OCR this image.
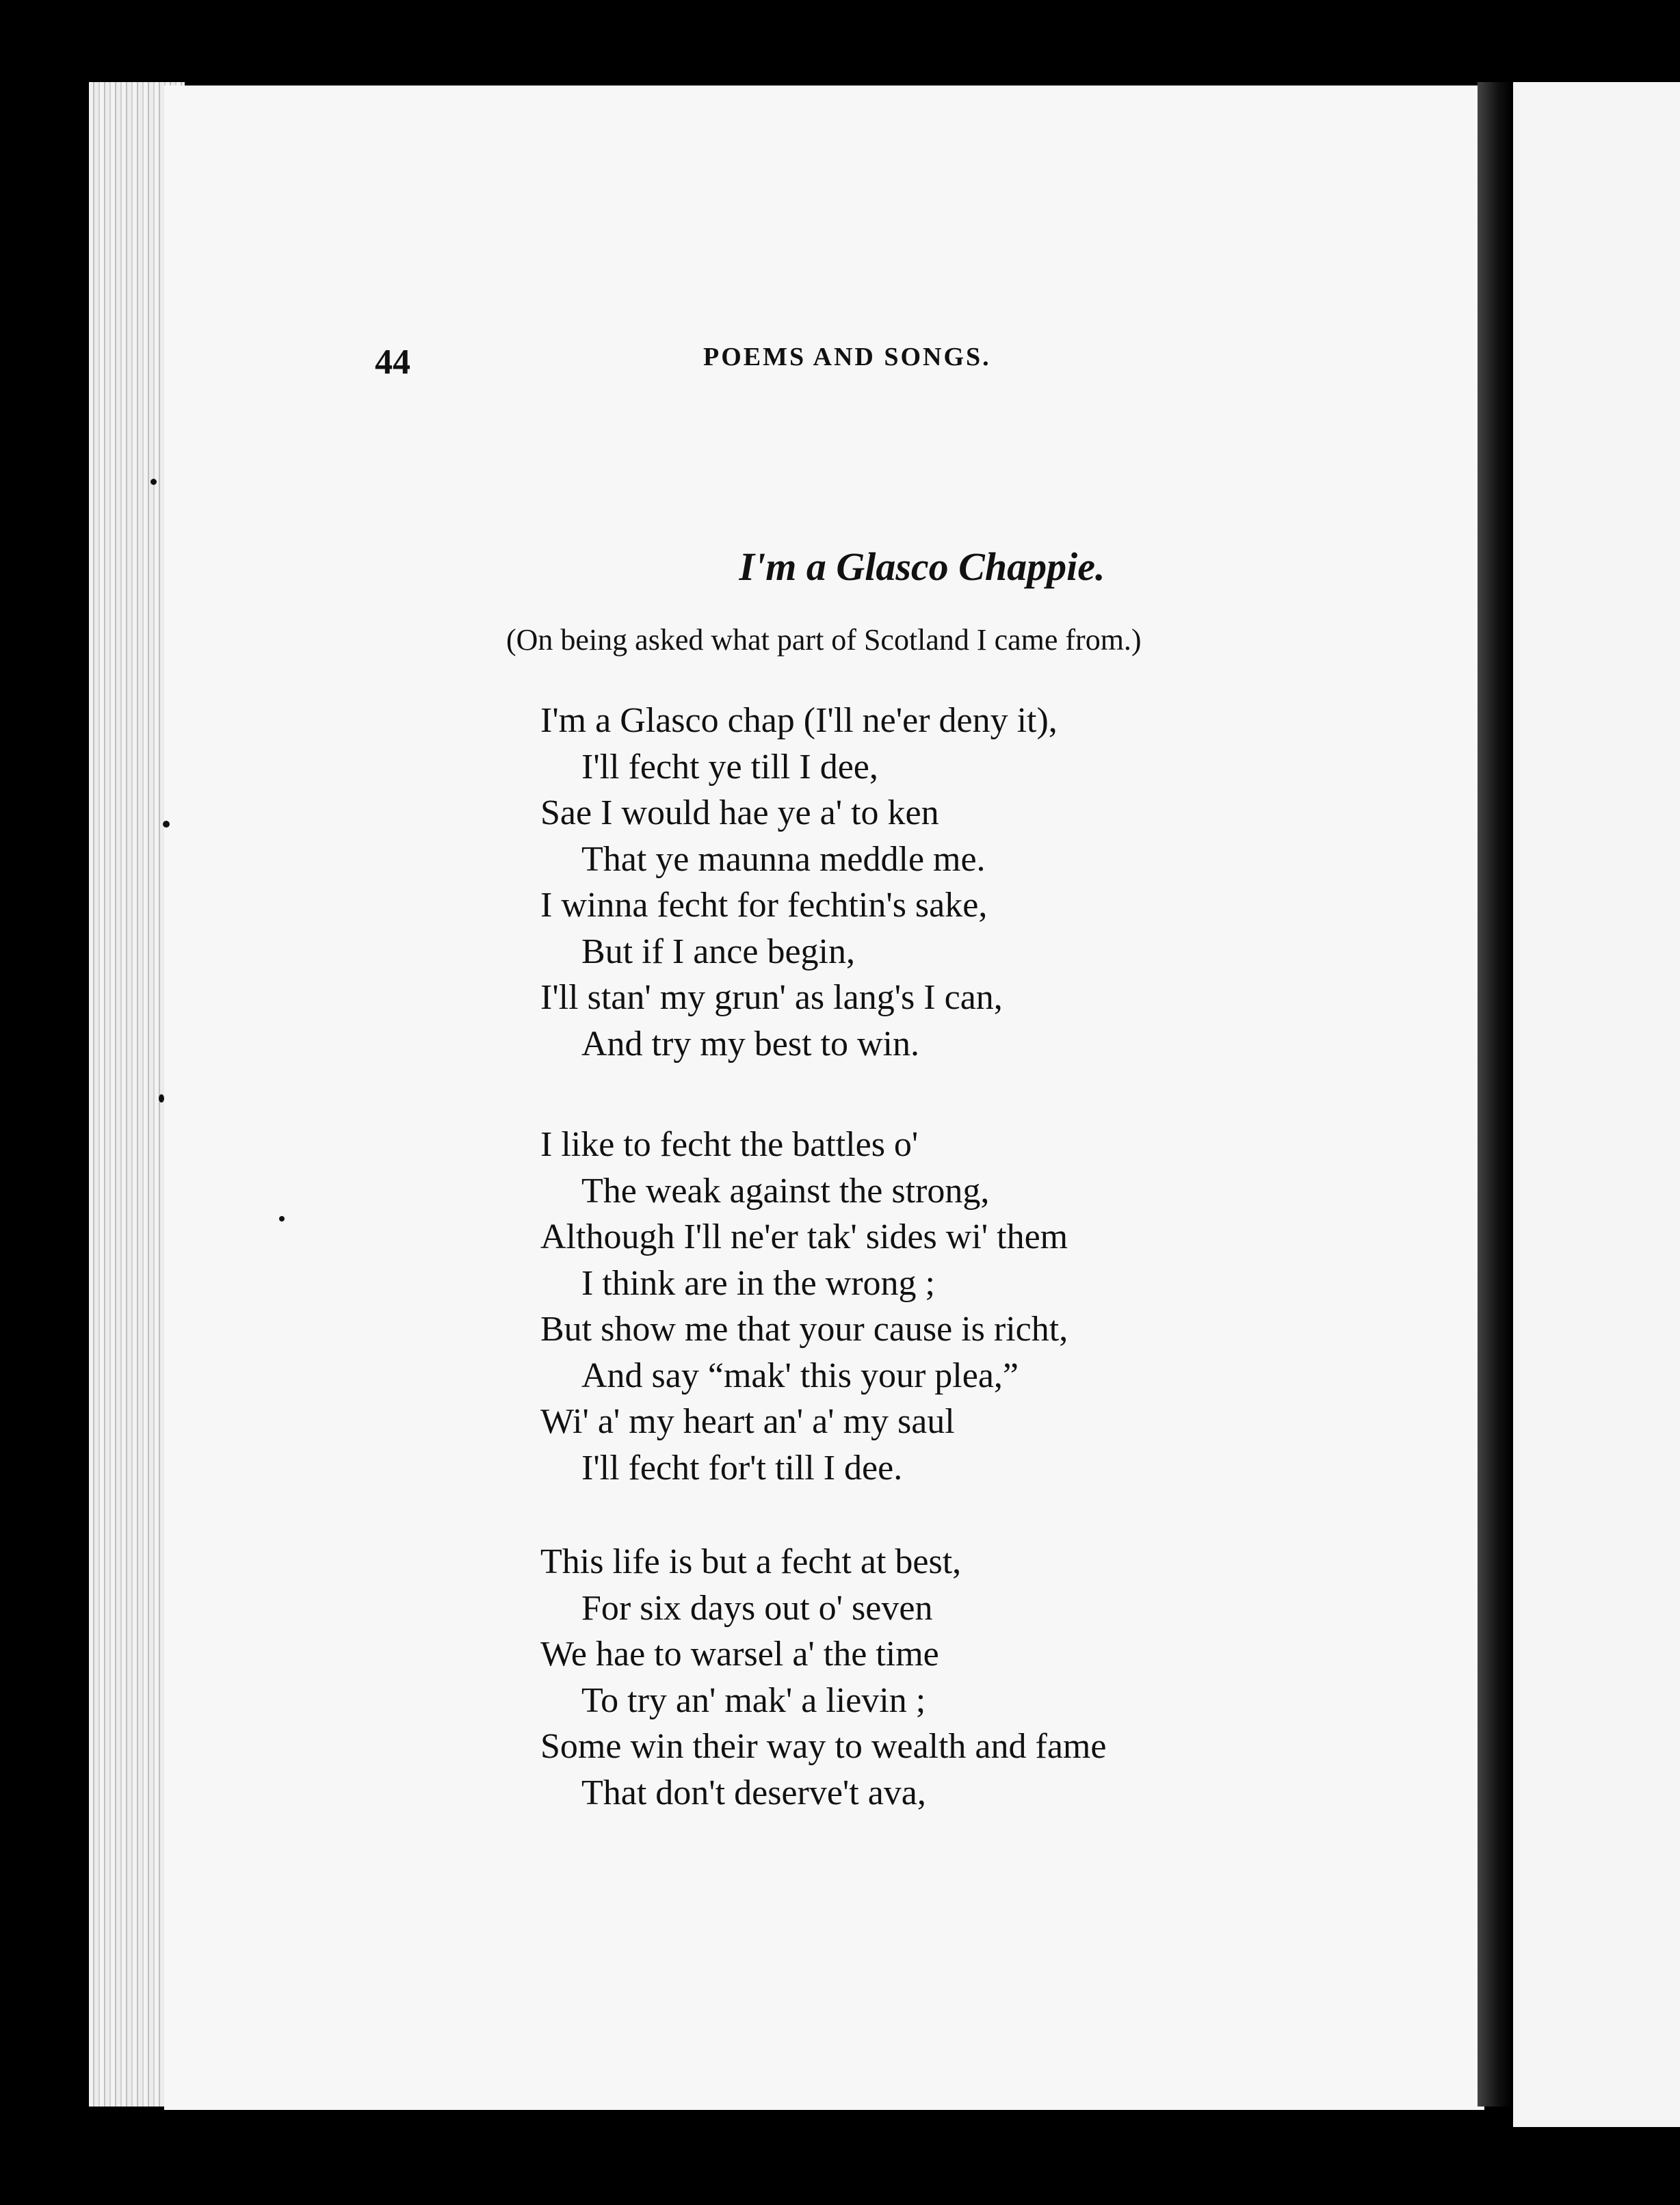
44	POEMS AND SONGS.
I'm a Glasco Chappie.
(On being asked what part of Scotland I came from.)
I'm a Glasco chap (I'll ne'er deny it),
I'll fecht ye till I dee,
Sae I would hae ye a' to ken
That ye maunna meddle me.
I winna fecht for fechtin's sake,
But if I ance begin,
I'll stan' my grun' as lang's I can,
And try my best to win.
I like to fecht the battles o'
The weak against the strong,
Although I'll ne'er tak' sides wi' them
I think are in the wrong ;
But show me that your cause is richt,
And say “mak' this your plea,”
Wi' a' my heart an' a' my saul
I'll fecht for't till I dee.
This life is but a fecht at best,
For six days out o' seven
We hae to warsel a' the time
To try an' mak' a lievin ;
Some win their way to wealth and fame
That don't deserve't ava,
